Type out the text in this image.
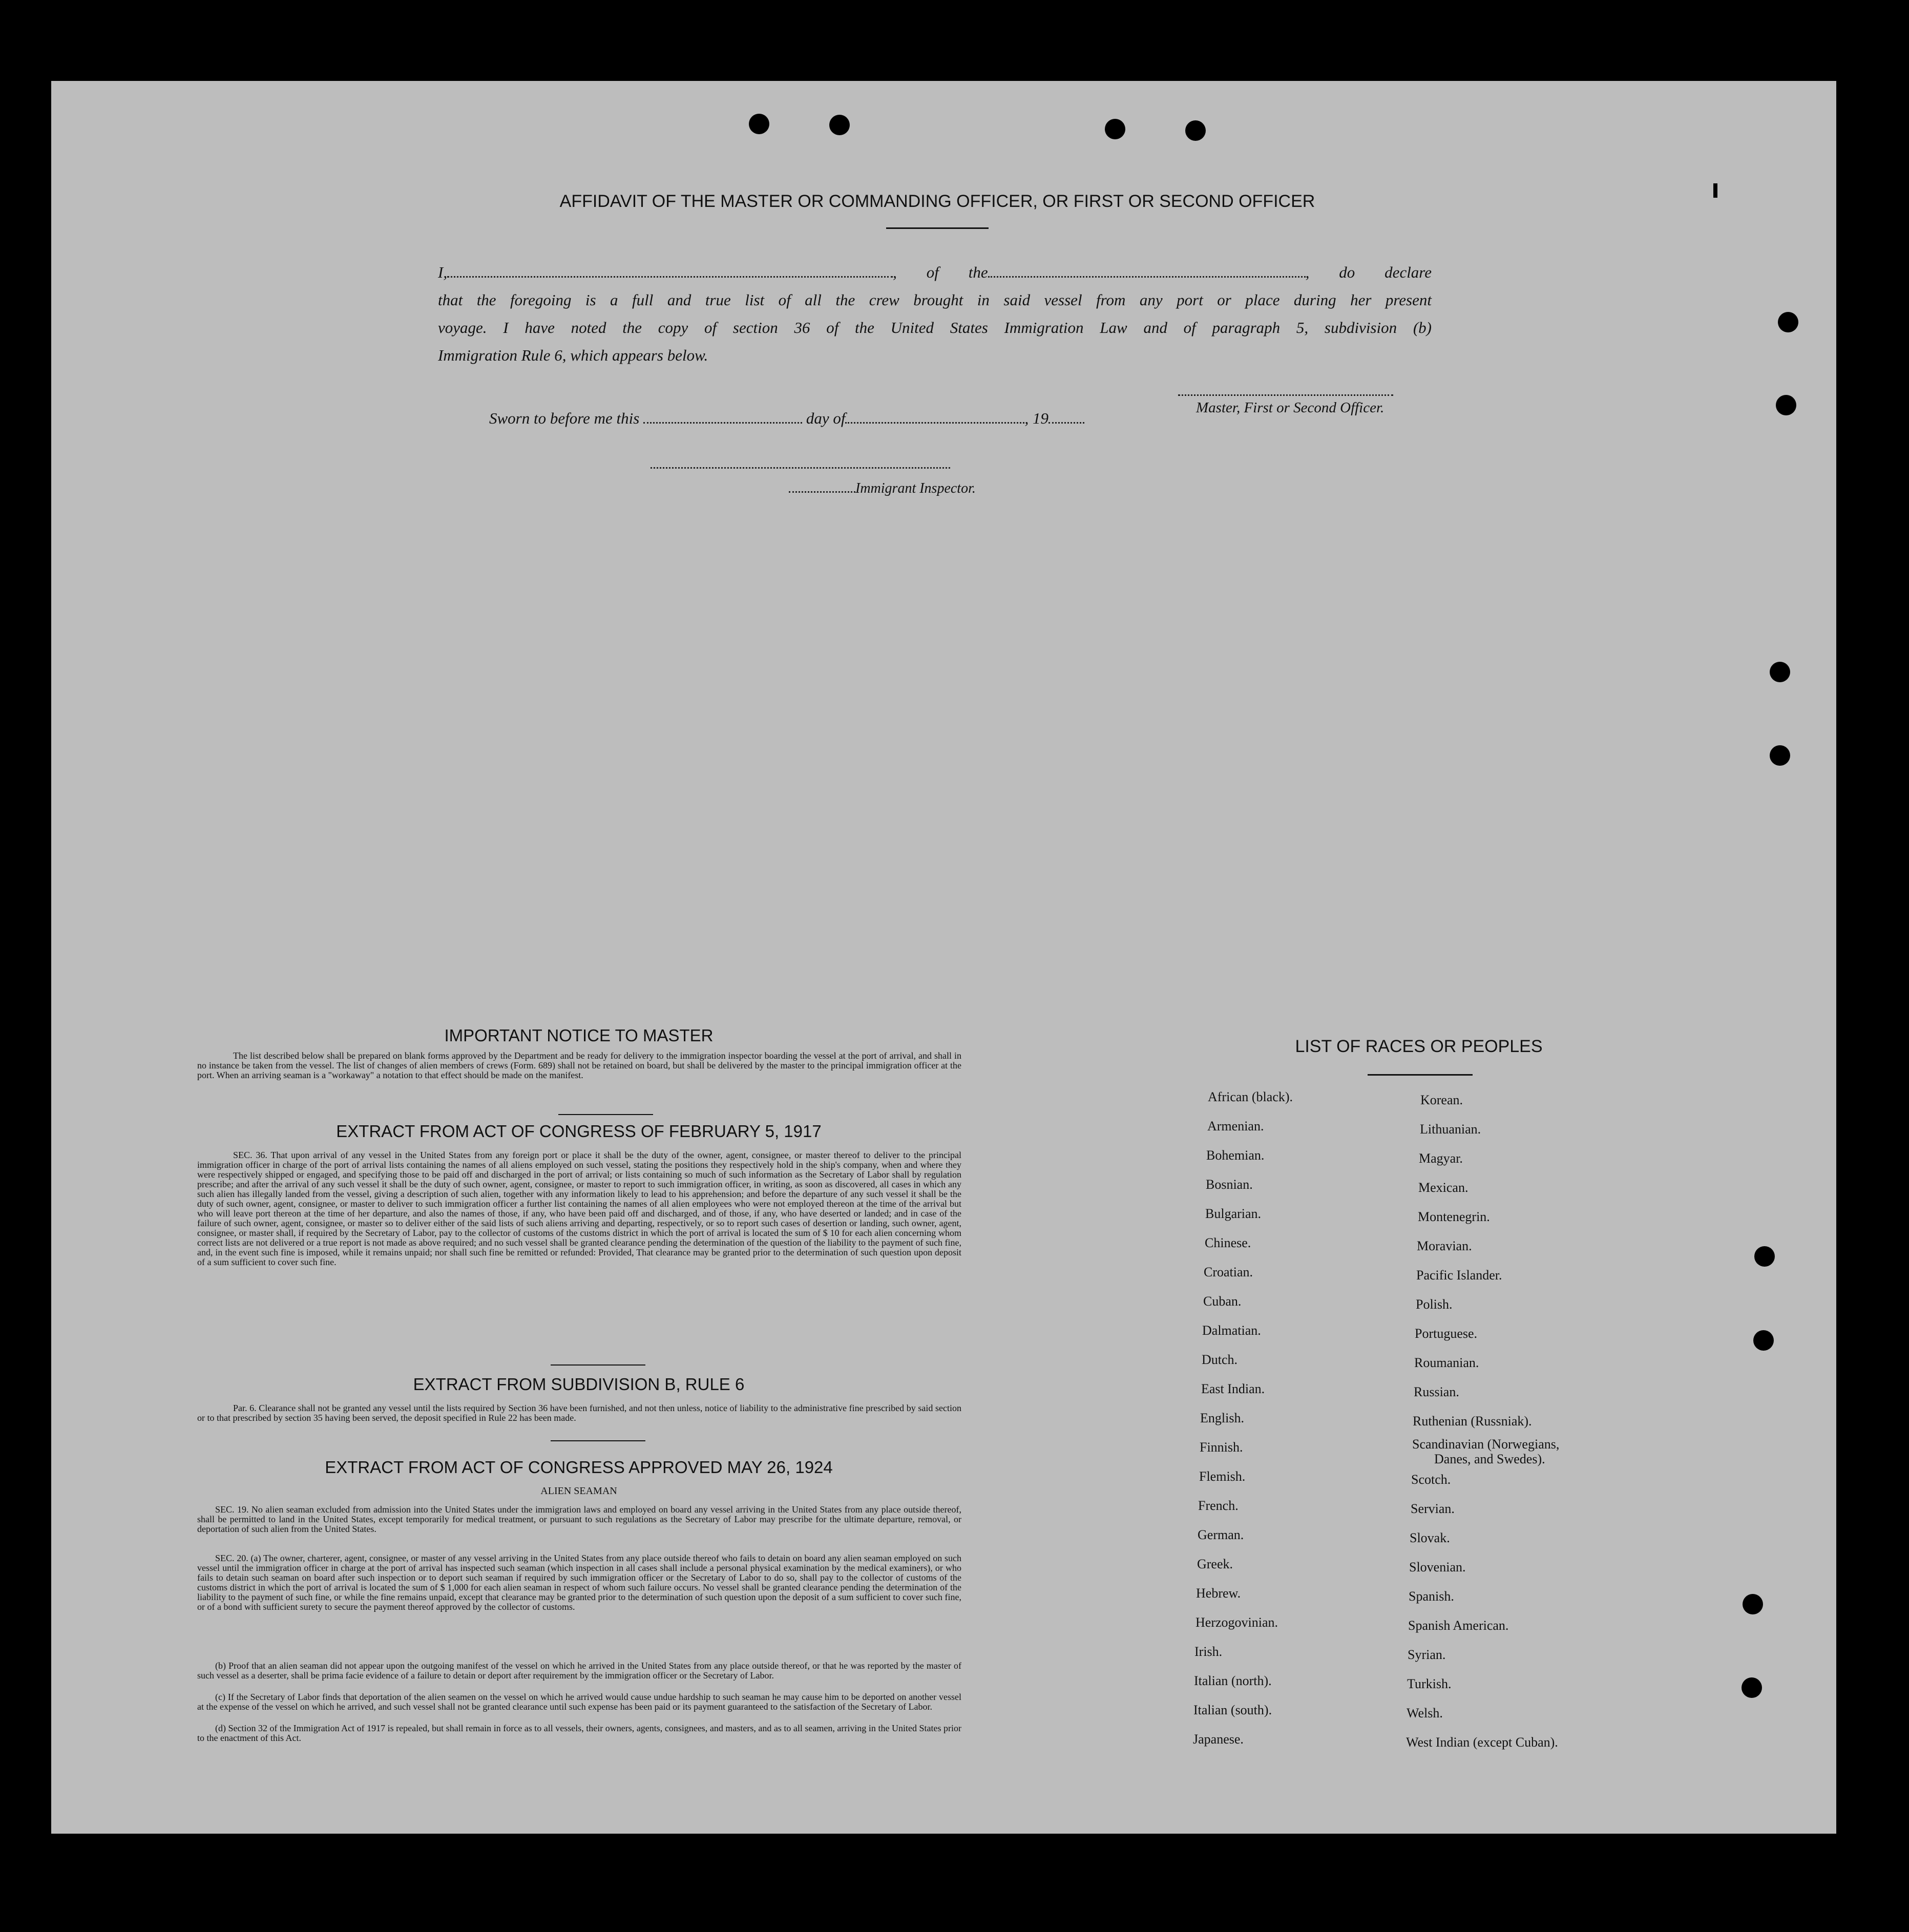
AFFIDAVIT OF THE MASTER OR COMMANDING OFFICER, OR FIRST OR SECOND OFFICER
I,	, of the	, do declare
that the foregoing is a full and true list of all the crew brought in said vessel from any port or place during her present
voyage. I have noted the copy of section 36 of the United States Immigration Law and of paragraph 5, subdivision (b)
Immigration Rule 6, which appears below.
Master, First or Second Officer.
Sworn to before me this	day of	, 19
Immigrant Inspector.
IMPORTANT NOTICE TO MASTER
The list described below shall be prepared on blank forms approved by the Department and be ready for delivery to the immigration inspector boarding the vessel at the port of arrival, and shall in no instance be taken from the vessel. The list of changes of alien members of crews (Form. 689) shall not be retained on board, but shall be delivered by the master to the principal immigration officer at the port. When an arriving seaman is a "workaway" a notation to that effect should be made on the manifest.
EXTRACT FROM ACT OF CONGRESS OF FEBRUARY 5, 1917
SEC. 36. That upon arrival of any vessel in the United States from any foreign port or place it shall be the duty of the owner, agent, consignee, or master thereof to deliver to the principal immigration officer in charge of the port of arrival lists containing the names of all aliens employed on such vessel, stating the positions they respectively hold in the ship's company, when and where they were respectively shipped or engaged, and specifying those to be paid off and discharged in the port of arrival; or lists containing so much of such information as the Secretary of Labor shall by regulation prescribe; and after the arrival of any such vessel it shall be the duty of such owner, agent, consignee, or master to report to such immigration officer, in writing, as soon as discovered, all cases in which any such alien has illegally landed from the vessel, giving a description of such alien, together with any information likely to lead to his apprehension; and before the departure of any such vessel it shall be the duty of such owner, agent, consignee, or master to deliver to such immigration officer a further list containing the names of all alien employees who were not employed thereon at the time of the arrival but who will leave port thereon at the time of her departure, and also the names of those, if any, who have been paid off and discharged, and of those, if any, who have deserted or landed; and in case of the failure of such owner, agent, consignee, or master so to deliver either of the said lists of such aliens arriving and departing, respectively, or so to report such cases of desertion or landing, such owner, agent, consignee, or master shall, if required by the Secretary of Labor, pay to the collector of customs of the customs district in which the port of arrival is located the sum of $ 10 for each alien concerning whom correct lists are not delivered or a true report is not made as above required; and no such vessel shall be granted clearance pending the determination of the question of the liability to the payment of such fine, and, in the event such fine is imposed, while it remains unpaid; nor shall such fine be remitted or refunded: Provided, That clearance may be granted prior to the determination of such question upon deposit of a sum sufficient to cover such fine.
EXTRACT FROM SUBDIVISION B, RULE 6
Par. 6. Clearance shall not be granted any vessel until the lists required by Section 36 have been furnished, and not then unless, notice of liability to the administrative fine prescribed by said section or to that prescribed by section 35 having been served, the deposit specified in Rule 22 has been made.
EXTRACT FROM ACT OF CONGRESS APPROVED MAY 26, 1924
ALIEN SEAMAN
SEC. 19. No alien seaman excluded from admission into the United States under the immigration laws and employed on board any vessel arriving in the United States from any place outside thereof, shall be permitted to land in the United States, except temporarily for medical treatment, or pursuant to such regulations as the Secretary of Labor may prescribe for the ultimate departure, removal, or deportation of such alien from the United States.
SEC. 20. (a) The owner, charterer, agent, consignee, or master of any vessel arriving in the United States from any place outside thereof who fails to detain on board any alien seaman employed on such vessel until the immigration officer in charge at the port of arrival has inspected such seaman (which inspection in all cases shall include a personal physical examination by the medical examiners), or who fails to detain such seaman on board after such inspection or to deport such seaman if required by such immigration officer or the Secretary of Labor to do so, shall pay to the collector of customs of the customs district in which the port of arrival is located the sum of $ 1,000 for each alien seaman in respect of whom such failure occurs. No vessel shall be granted clearance pending the determination of the liability to the payment of such fine, or while the fine remains unpaid, except that clearance may be granted prior to the determination of such question upon the deposit of a sum sufficient to cover such fine, or of a bond with sufficient surety to secure the payment thereof approved by the collector of customs.
(b) Proof that an alien seaman did not appear upon the outgoing manifest of the vessel on which he arrived in the United States from any place outside thereof, or that he was reported by the master of such vessel as a deserter, shall be prima facie evidence of a failure to detain or deport after requirement by the immigration officer or the Secretary of Labor.
(c) If the Secretary of Labor finds that deportation of the alien seamen on the vessel on which he arrived would cause undue hardship to such seaman he may cause him to be deported on another vessel at the expense of the vessel on which he arrived, and such vessel shall not be granted clearance until such expense has been paid or its payment guaranteed to the satisfaction of the Secretary of Labor.
(d) Section 32 of the Immigration Act of 1917 is repealed, but shall remain in force as to all vessels, their owners, agents, consignees, and masters, and as to all seamen, arriving in the United States prior to the enactment of this Act.
LIST OF RACES OR PEOPLES
African (black).
Armenian.
Bohemian.
Bosnian.
Bulgarian.
Chinese.
Croatian.
Cuban.
Dalmatian.
Dutch.
East Indian.
English.
Finnish.
Flemish.
French.
German.
Greek.
Hebrew.
Herzogovinian.
Irish.
Italian (north).
Italian (south).
Japanese.
Korean.
Lithuanian.
Magyar.
Mexican.
Montenegrin.
Moravian.
Pacific Islander.
Polish.
Portuguese.
Roumanian.
Russian.
Ruthenian (Russniak).
Scandinavian (Norwegians,
Danes, and Swedes).
Scotch.
Servian.
Slovak.
Slovenian.
Spanish.
Spanish American.
Syrian.
Turkish.
Welsh.
West Indian (except Cuban).
